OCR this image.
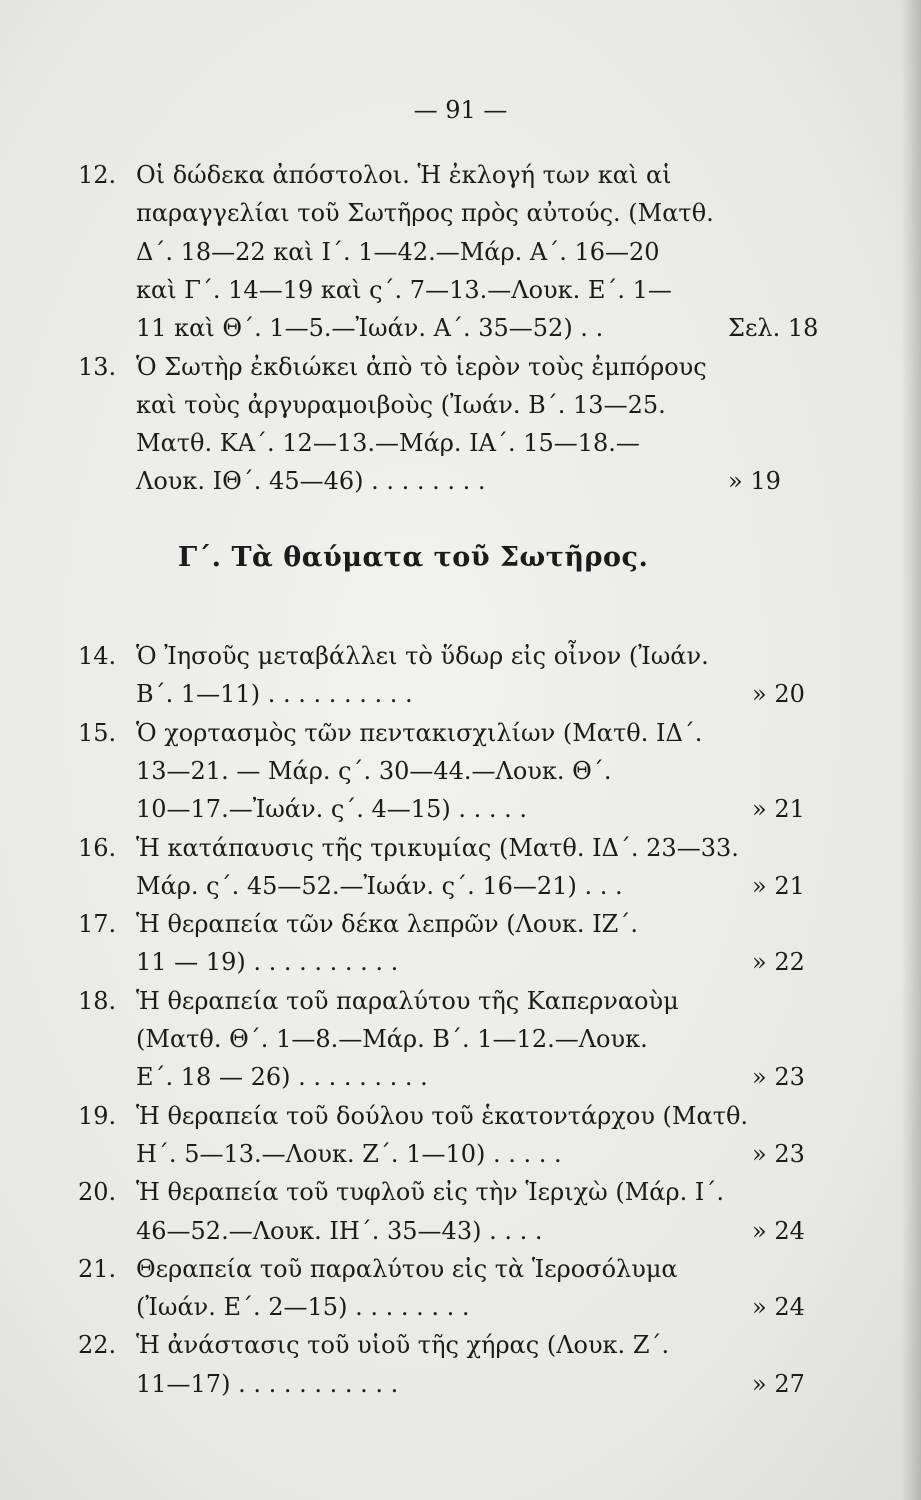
— 91 —
Γ΄. Τὰ θαύματα τοῦ Σωτῆρος.
12. Οἱ δώδεκα ἀπόστολοι. Ἡ ἐκλογή των καὶ αἱ
παραγγελίαι τοῦ Σωτῆρος πρὸς αὐτούς. (Ματθ.
Δ΄. 18—22 καὶ Ι΄. 1—42.—Μάρ. Α΄. 16—20
καὶ Γ΄. 14—19 καὶ ς΄. 7—13.—Λουκ. Ε΄. 1—
11 καὶ Θ΄. 1—5.—Ἰωάν. Α΄. 35—52) . .	Σελ. 18
13. Ὁ Σωτὴρ ἐκδιώκει ἀπὸ τὸ ἱερὸν τοὺς ἐμπόρους
καὶ τοὺς ἀργυραμοιβοὺς (Ἰωάν. Β΄. 13—25.
Ματθ. ΚΑ΄. 12—13.—Μάρ. ΙΑ΄. 15—18.—
Λουκ. ΙΘ΄. 45—46) . . . . . . . .	» 19
14. Ὁ Ἰησοῦς μεταβάλλει τὸ ὕδωρ εἰς οἶνον (Ἰωάν.
Β΄. 1—11) . . . . . . . . . .	» 20
15. Ὁ χορτασμὸς τῶν πεντακισχιλίων (Ματθ. ΙΔ΄.
13—21. — Μάρ. ς΄. 30—44.—Λουκ. Θ΄.
10—17.—Ἰωάν. ς΄. 4—15) . . . . .	» 21
16. Ἡ κατάπαυσις τῆς τρικυμίας (Ματθ. ΙΔ΄. 23—33.
Μάρ. ς΄. 45—52.—Ἰωάν. ς΄. 16—21) . . .	» 21
17. Ἡ θεραπεία τῶν δέκα λεπρῶν (Λουκ. ΙΖ΄.
11 — 19) . . . . . . . . . .	» 22
18. Ἡ θεραπεία τοῦ παραλύτου τῆς Καπερναοὺμ
(Ματθ. Θ΄. 1—8.—Μάρ. Β΄. 1—12.—Λουκ.
Ε΄. 18 — 26) . . . . . . . . .	» 23
19. Ἡ θεραπεία τοῦ δούλου τοῦ ἑκατοντάρχου (Ματθ.
Η΄. 5—13.—Λουκ. Ζ΄. 1—10) . . . . .	» 23
20. Ἡ θεραπεία τοῦ τυφλοῦ εἰς τὴν Ἱεριχὼ (Μάρ. Ι΄.
46—52.—Λουκ. ΙΗ΄. 35—43) . . . .	» 24
21. Θεραπεία τοῦ παραλύτου εἰς τὰ Ἱεροσόλυμα
(Ἰωάν. Ε΄. 2—15) . . . . . . . .	» 24
22. Ἡ ἀνάστασις τοῦ υἱοῦ τῆς χήρας (Λουκ. Ζ΄.
11—17) . . . . . . . . . . .	» 27
